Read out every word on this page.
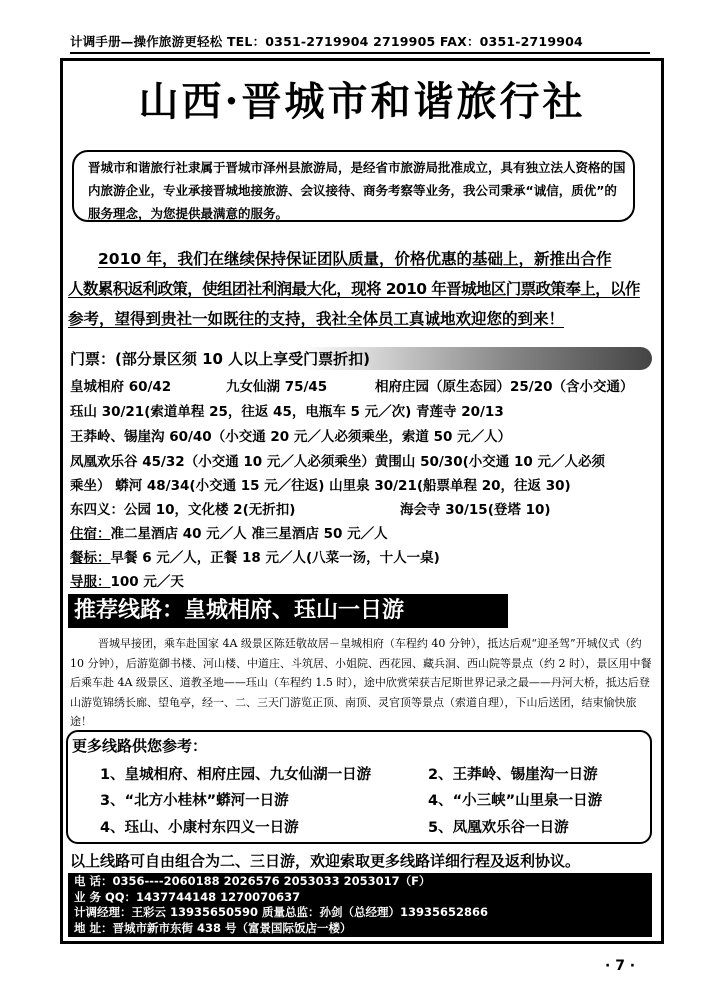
计调手册—操作旅游更轻松 TEL：0351-2719904 2719905 FAX：0351-2719904
山西·晋城市和谐旅行社
晋城市和谐旅行社隶属于晋城市泽州县旅游局，是经省市旅游局批准成立，具有独立法人资格的国内旅游企业，专业承接晋城地接旅游、会议接待、商务考察等业务，我公司秉承“诚信，质优”的服务理念，为您提供最满意的服务。
2010 年，我们在继续保持保证团队质量，价格优惠的基础上，新推出合作
人数累积返利政策，使组团社利润最大化，现将 2010 年晋城地区门票政策奉上，以作
参考，望得到贵社一如既往的支持，我社全体员工真诚地欢迎您的到来！
门票：(部分景区须 10 人以上享受门票折扣)
皇城相府 60/42	九女仙湖 75/45	相府庄园（原生态园）25/20（含小交通）
珏山 30/21(索道单程 25，往返 45，电瓶车 5 元／次) 青莲寺 20/13
王莽岭、锡崖沟 60/40（小交通 20 元／人必须乘坐，索道 50 元／人）
凤凰欢乐谷 45/32（小交通 10 元／人必须乘坐）黄围山 50/30(小交通 10 元／人必须
乘坐） 蟒河 48/34(小交通 15 元／往返) 山里泉 30/21(船票单程 20，往返 30)
东四义：公园 10，文化楼 2(无折扣)	海会寺 30/15(登塔 10)
住宿：准二星酒店 40 元／人 准三星酒店 50 元／人
餐标：早餐 6 元／人，正餐 18 元／人(八菜一汤，十人一桌)
导服：100 元／天
推荐线路：皇城相府、珏山一日游
晋城早接团，乘车赴国家 4A 级景区陈廷敬故居－皇城相府（车程约 40 分钟），抵达后观“迎圣驾”开城仪式（约 10 分钟），后游览御书楼、河山楼、中道庄、斗筑居、小姐院、西花园、藏兵洞、西山院等景点（约 2 时），景区用中餐后乘车赴 4A 级景区、道教圣地——珏山（车程约 1.5 时），途中欣赏荣获吉尼斯世界记录之最——丹河大桥，抵达后登山游览锦绣长廊、望龟亭，经一、二、三天门游览正顶、南顶、灵官顶等景点（索道自理），下山后送团，结束愉快旅途！
更多线路供您参考：
1、皇城相府、相府庄园、九女仙湖一日游	2、王莽岭、锡崖沟一日游
3、“北方小桂林”蟒河一日游	4、“小三峡”山里泉一日游
4、珏山、小康村东四义一日游	5、凤凰欢乐谷一日游
以上线路可自由组合为二、三日游，欢迎索取更多线路详细行程及返利协议。
电 话：0356----2060188 2026576 2053033 2053017（F）
业 务 QQ：1437744148 1270070637
计调经理：王彩云 13935650590 质量总监：孙剑（总经理）13935652866
地 址：晋城市新市东街 438 号（富景国际饭店一楼）
· 7 ·
